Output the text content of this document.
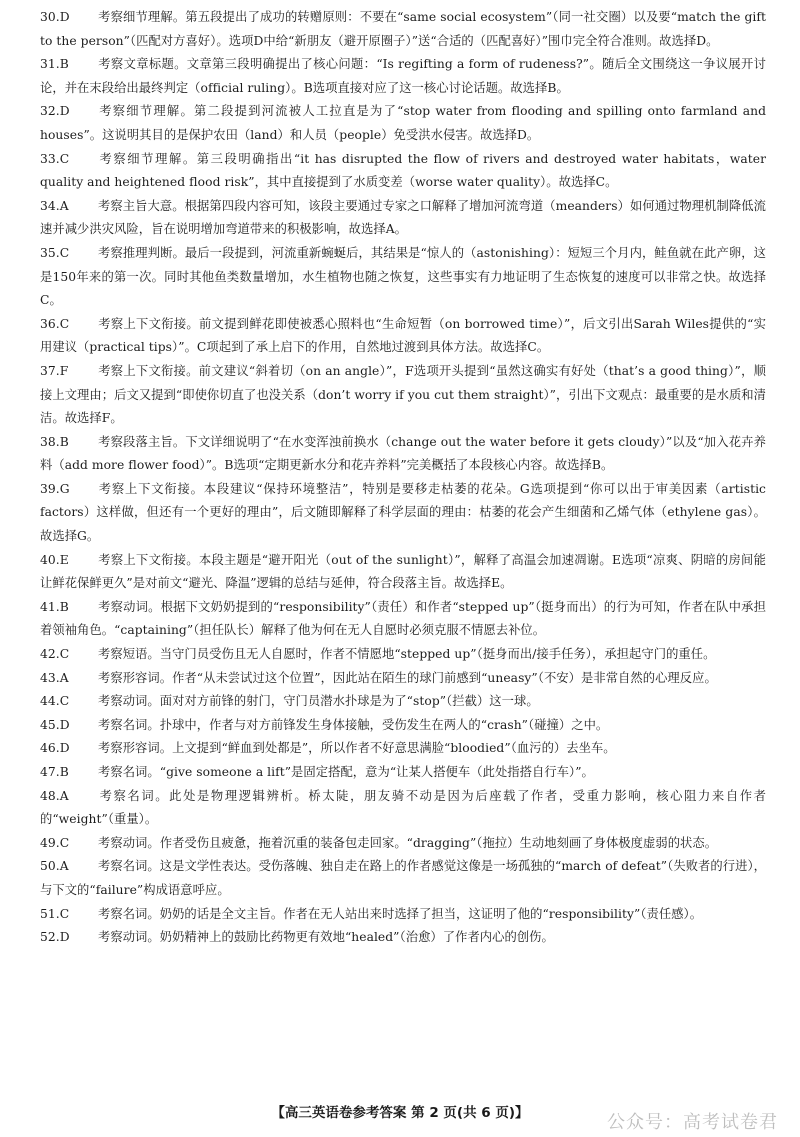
30.D 考察细节理解。第五段提出了成功的转赠原则：不要在“same social ecosystem”（同一社交圈）以及要“match the gift to the person”（匹配对方喜好）。选项D中给“新朋友（避开原圈子）”送“合适的（匹配喜好）”围巾完全符合准则。故选择D。

31.B 考察文章标题。文章第三段明确提出了核心问题：“Is regifting a form of rudeness?”。随后全文围绕这一争议展开讨论，并在末段给出最终判定（official ruling）。B选项直接对应了这一核心讨论话题。故选择B。

32.D 考察细节理解。第二段提到河流被人工拉直是为了“stop water from flooding and spilling onto farmland and houses”。这说明其目的是保护农田（land）和人员（people）免受洪水侵害。故选择D。

33.C 考察细节理解。第三段明确指出“it has disrupted the flow of rivers and destroyed water habitats，water quality and heightened flood risk”，其中直接提到了水质变差（worse water quality）。故选择C。

34.A 考察主旨大意。根据第四段内容可知，该段主要通过专家之口解释了增加河流弯道（meanders）如何通过物理机制降低流速并减少洪灾风险，旨在说明增加弯道带来的积极影响，故选择A。

35.C 考察推理判断。最后一段提到，河流重新蜿蜒后，其结果是“惊人的（astonishing）：短短三个月内，鲑鱼就在此产卵，这是150年来的第一次。同时其他鱼类数量增加，水生植物也随之恢复，这些事实有力地证明了生态恢复的速度可以非常之快。故选择C。

36.C 考察上下文衔接。前文提到鲜花即使被悉心照料也“生命短暂（on borrowed time）”，后文引出Sarah Wiles提供的“实用建议（practical tips）”。C项起到了承上启下的作用，自然地过渡到具体方法。故选择C。

37.F 考察上下文衔接。前文建议“斜着切（on an angle）”，F选项开头提到“虽然这确实有好处（that’s a good thing）”，顺接上文理由；后文又提到“即使你切直了也没关系（don’t worry if you cut them straight）”，引出下文观点：最重要的是水质和清洁。故选择F。

38.B 考察段落主旨。下文详细说明了“在水变浑浊前换水（change out the water before it gets cloudy）”以及“加入花卉养料（add more flower food）”。B选项“定期更新水分和花卉养料”完美概括了本段核心内容。故选择B。

39.G 考察上下文衔接。本段建议“保持环境整洁”，特别是要移走枯萎的花朵。G选项提到“你可以出于审美因素（artistic factors）这样做，但还有一个更好的理由”，后文随即解释了科学层面的理由：枯萎的花会产生细菌和乙烯气体（ethylene gas）。故选择G。

40.E 考察上下文衔接。本段主题是“避开阳光（out of the sunlight）”，解释了高温会加速凋谢。E选项“凉爽、阴暗的房间能让鲜花保鲜更久”是对前文“避光、降温”逻辑的总结与延伸，符合段落主旨。故选择E。

41.B 考察动词。根据下文奶奶提到的“responsibility”（责任）和作者“stepped up”（挺身而出）的行为可知，作者在队中承担着领袖角色。“captaining”（担任队长）解释了他为何在无人自愿时必须克服不情愿去补位。

42.C 考察短语。当守门员受伤且无人自愿时，作者不情愿地“stepped up”（挺身而出/接手任务），承担起守门的重任。

43.A 考察形容词。作者“从未尝试过这个位置”，因此站在陌生的球门前感到“uneasy”（不安）是非常自然的心理反应。

44.C 考察动词。面对对方前锋的射门，守门员潜水扑球是为了“stop”（拦截）这一球。

45.D 考察名词。扑球中，作者与对方前锋发生身体接触，受伤发生在两人的“crash”（碰撞）之中。

46.D 考察形容词。上文提到“鲜血到处都是”，所以作者不好意思满脸“bloodied”（血污的）去坐车。

47.B 考察名词。“give someone a lift”是固定搭配，意为“让某人搭便车（此处指搭自行车）”。

48.A 考察名词。此处是物理逻辑辨析。桥太陡，朋友骑不动是因为后座载了作者，受重力影响，核心阻力来自作者的“weight”（重量）。

49.C 考察动词。作者受伤且疲惫，拖着沉重的装备包走回家。“dragging”（拖拉）生动地刻画了身体极度虚弱的状态。

50.A 考察名词。这是文学性表达。受伤落魄、独自走在路上的作者感觉这像是一场孤独的“march of defeat”（失败者的行进），与下文的“failure”构成语意呼应。

51.C 考察名词。奶奶的话是全文主旨。作者在无人站出来时选择了担当，这证明了他的“responsibility”（责任感）。

52.D 考察动词。奶奶精神上的鼓励比药物更有效地“healed”（治愈）了作者内心的创伤。

【高三英语卷参考答案 第 2 页(共 6 页)】	公众号：高考试卷君
